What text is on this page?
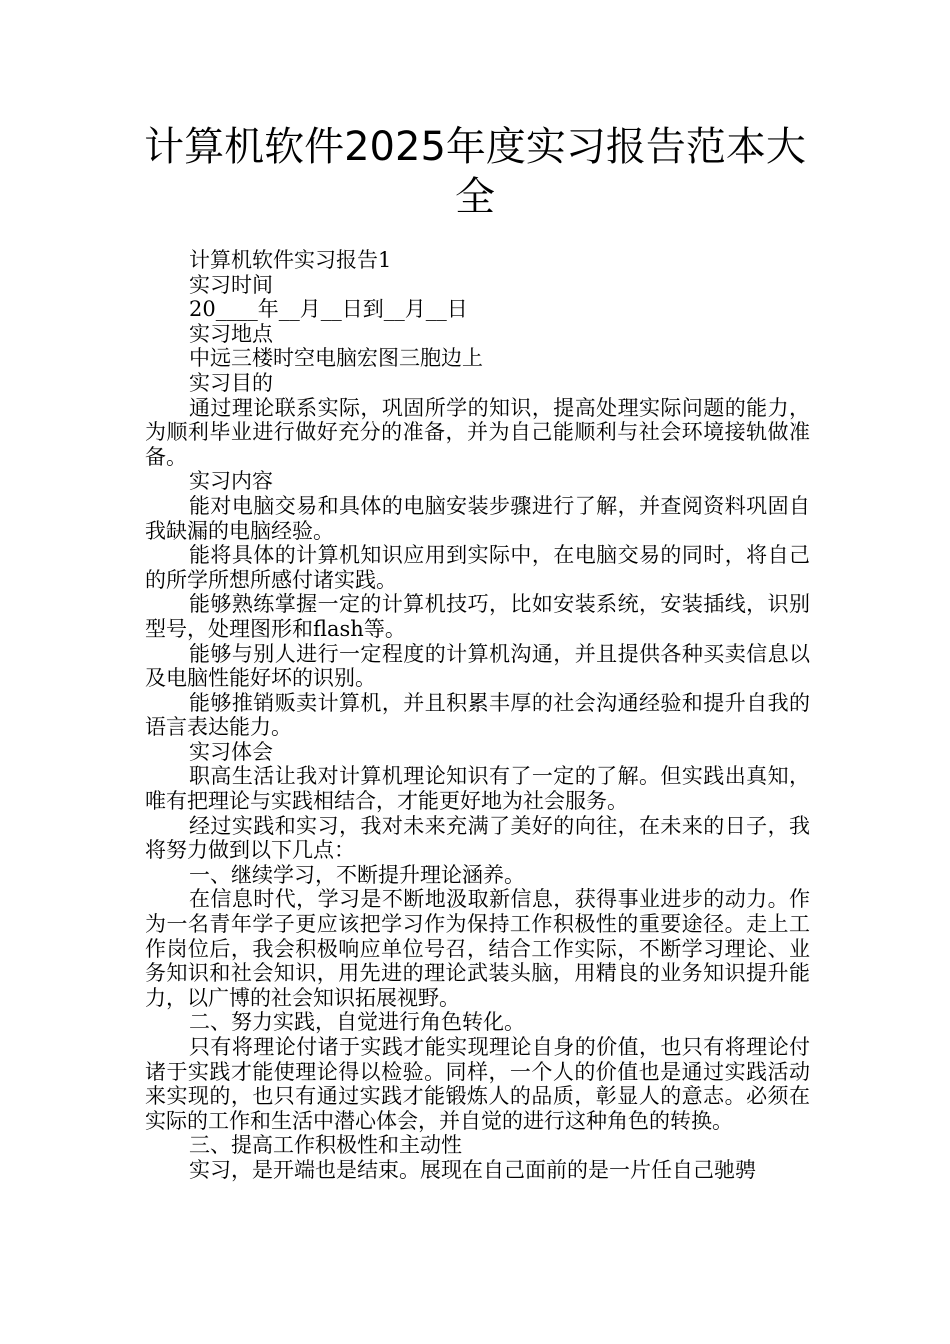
计算机软件2025年度实习报告范本大全

计算机软件实习报告1

实习时间

20____年__月__日到__月__日

实习地点

中远三楼时空电脑宏图三胞边上

实习目的

通过理论联系实际，巩固所学的知识，提高处理实际问题的能力，为顺利毕业进行做好充分的准备，并为自己能顺利与社会环境接轨做准备。

实习内容

能对电脑交易和具体的电脑安装步骤进行了解，并查阅资料巩固自我缺漏的电脑经验。

能将具体的计算机知识应用到实际中，在电脑交易的同时，将自己的所学所想所感付诸实践。

能够熟练掌握一定的计算机技巧，比如安装系统，安装插线，识别型号，处理图形和flash等。

能够与别人进行一定程度的计算机沟通，并且提供各种买卖信息以及电脑性能好坏的识别。

能够推销贩卖计算机，并且积累丰厚的社会沟通经验和提升自我的语言表达能力。

实习体会

职高生活让我对计算机理论知识有了一定的了解。但实践出真知，唯有把理论与实践相结合，才能更好地为社会服务。

经过实践和实习，我对未来充满了美好的向往，在未来的日子，我将努力做到以下几点：

一、继续学习，不断提升理论涵养。

在信息时代，学习是不断地汲取新信息，获得事业进步的动力。作为一名青年学子更应该把学习作为保持工作积极性的重要途径。走上工作岗位后，我会积极响应单位号召，结合工作实际，不断学习理论、业务知识和社会知识，用先进的理论武装头脑，用精良的业务知识提升能力，以广博的社会知识拓展视野。

二、努力实践，自觉进行角色转化。

只有将理论付诸于实践才能实现理论自身的价值，也只有将理论付诸于实践才能使理论得以检验。同样，一个人的价值也是通过实践活动来实现的，也只有通过实践才能锻炼人的品质，彰显人的意志。必须在实际的工作和生活中潜心体会，并自觉的进行这种角色的转换。

三、提高工作积极性和主动性

实习，是开端也是结束。展现在自己面前的是一片任自己驰骋
